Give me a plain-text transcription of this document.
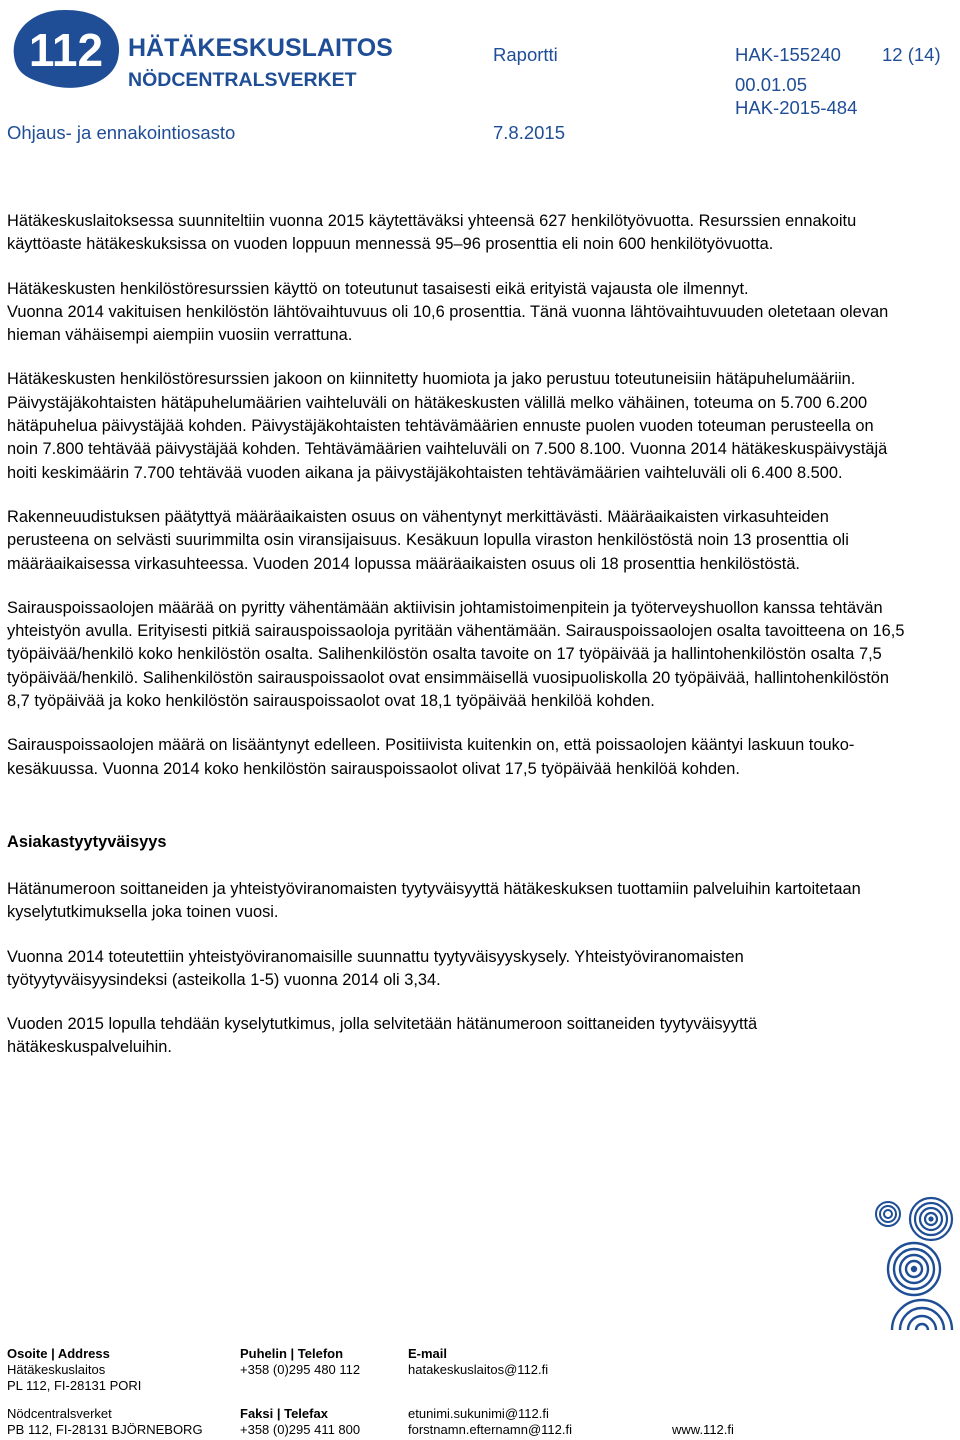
112 HÄTÄKESKUSLAITOS
NÖDCENTRALSVERKET
Raportti	HAK-155240 12 (14)
00.01.05
HAK-2015-484
Ohjaus- ja ennakointiosasto	7.8.2015

Hätäkeskuslaitoksessa suunniteltiin vuonna 2015 käytettäväksi yhteensä 627 henkilötyövuotta. Resurssien ennakoitu käyttöaste hätäkeskuksissa on vuoden loppuun mennessä 95–96 prosenttia eli noin 600 henkilötyövuotta.

Hätäkeskusten henkilöstöresurssien käyttö on toteutunut tasaisesti eikä erityistä vajausta ole ilmennyt.

Vuonna 2014 vakituisen henkilöstön lähtövaihtuvuus oli 10,6 prosenttia. Tänä vuonna lähtövaihtuvuuden oletetaan olevan hieman vähäisempi aiempiin vuosiin verrattuna.

Hätäkeskusten henkilöstöresurssien jakoon on kiinnitetty huomiota ja jako perustuu toteutuneisiin hätäpuhelumääriin. Päivystäjäkohtaisten hätäpuhelumäärien vaihteluväli on hätäkeskusten välillä melko vähäinen, toteuma on 5.700 6.200 hätäpuhelua päivystäjää kohden. Päivystäjäkohtaisten tehtävämäärien ennuste puolen vuoden toteuman perusteella on noin 7.800 tehtävää päivystäjää kohden. Tehtävämäärien vaihteluväli on 7.500 8.100. Vuonna 2014 hätäkeskuspäivystäjä hoiti keskimäärin 7.700 tehtävää vuoden aikana ja päivystäjäkohtaisten tehtävämäärien vaihteluväli oli 6.400 8.500.

Rakenneuudistuksen päätyttyä määräaikaisten osuus on vähentynyt merkittävästi. Määräaikaisten virkasuhteiden perusteena on selvästi suurimmilta osin viransijaisuus. Kesäkuun lopulla viraston henkilöstöstä noin 13 prosenttia oli määräaikaisessa virkasuhteessa. Vuoden 2014 lopussa määräaikaisten osuus oli 18 prosenttia henkilöstöstä.

Sairauspoissaolojen määrää on pyritty vähentämään aktiivisin johtamistoimenpitein ja työterveyshuollon kanssa tehtävän yhteistyön avulla. Erityisesti pitkiä sairauspoissaoloja pyritään vähentämään. Sairauspoissaolojen osalta tavoitteena on 16,5 työpäivää/henkilö koko henkilöstön osalta. Salihenkilöstön osalta tavoite on 17 työpäivää ja hallintohenkilöstön osalta 7,5 työpäivää/henkilö. Salihenkilöstön sairauspoissaolot ovat ensimmäisellä vuosipuoliskolla 20 työpäivää, hallintohenkilöstön 8,7 työpäivää ja koko henkilöstön sairauspoissaolot ovat 18,1 työpäivää henkilöä kohden.

Sairauspoissaolojen määrä on lisääntynyt edelleen. Positiivista kuitenkin on, että poissaolojen kääntyi laskuun touko-kesäkuussa. Vuonna 2014 koko henkilöstön sairauspoissaolot olivat 17,5 työpäivää henkilöä kohden.

Asiakastyytyväisyys

Hätänumeroon soittaneiden ja yhteistyöviranomaisten tyytyväisyyttä hätäkeskuksen tuottamiin palveluihin kartoitetaan kyselytutkimuksella joka toinen vuosi.

Vuonna 2014 toteutettiin yhteistyöviranomaisille suunnattu tyytyväisyyskysely. Yhteistyöviranomaisten työtyytyväisyysindeksi (asteikolla 1-5) vuonna 2014 oli 3,34.

Vuoden 2015 lopulla tehdään kyselytutkimus, jolla selvitetään hätänumeroon soittaneiden tyytyväisyyttä hätäkeskuspalveluihin.

Osoite | Address
Hätäkeskuslaitos
PL 112, FI-28131 PORI
Nödcentralsverket
PB 112, FI-28131 BJÖRNEBORG
Puhelin | Telefon
+358 (0)295 480 112
Faksi | Telefax
+358 (0)295 411 800
E-mail
hatakeskuslaitos@112.fi
etunimi.sukunimi@112.fi
forstnamn.efternamn@112.fi	www.112.fi
